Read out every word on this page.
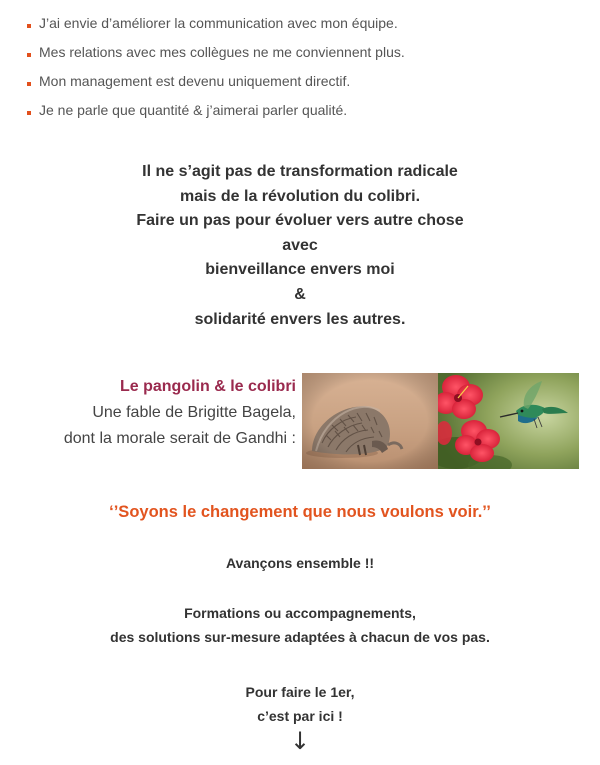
J’ai envie d’améliorer la communication avec mon équipe.
Mes relations avec mes collègues ne me conviennent plus.
Mon management est devenu uniquement directif.
Je ne parle que quantité & j’aimerai parler qualité.
Il ne s’agit pas de transformation radicale
mais de la révolution du colibri.
Faire un pas pour évoluer vers autre chose
avec
bienveillance envers moi
&
solidarité envers les autres.
Le pangolin & le colibri
Une fable de Brigitte Bagela,
dont la morale serait de Gandhi :
‘’Soyons le changement que nous voulons voir.’’
Avançons ensemble !!
Formations ou accompagnements,
des solutions sur-mesure adaptées à chacun de vos pas.
Pour faire le 1er,
c’est par ici !
↓
